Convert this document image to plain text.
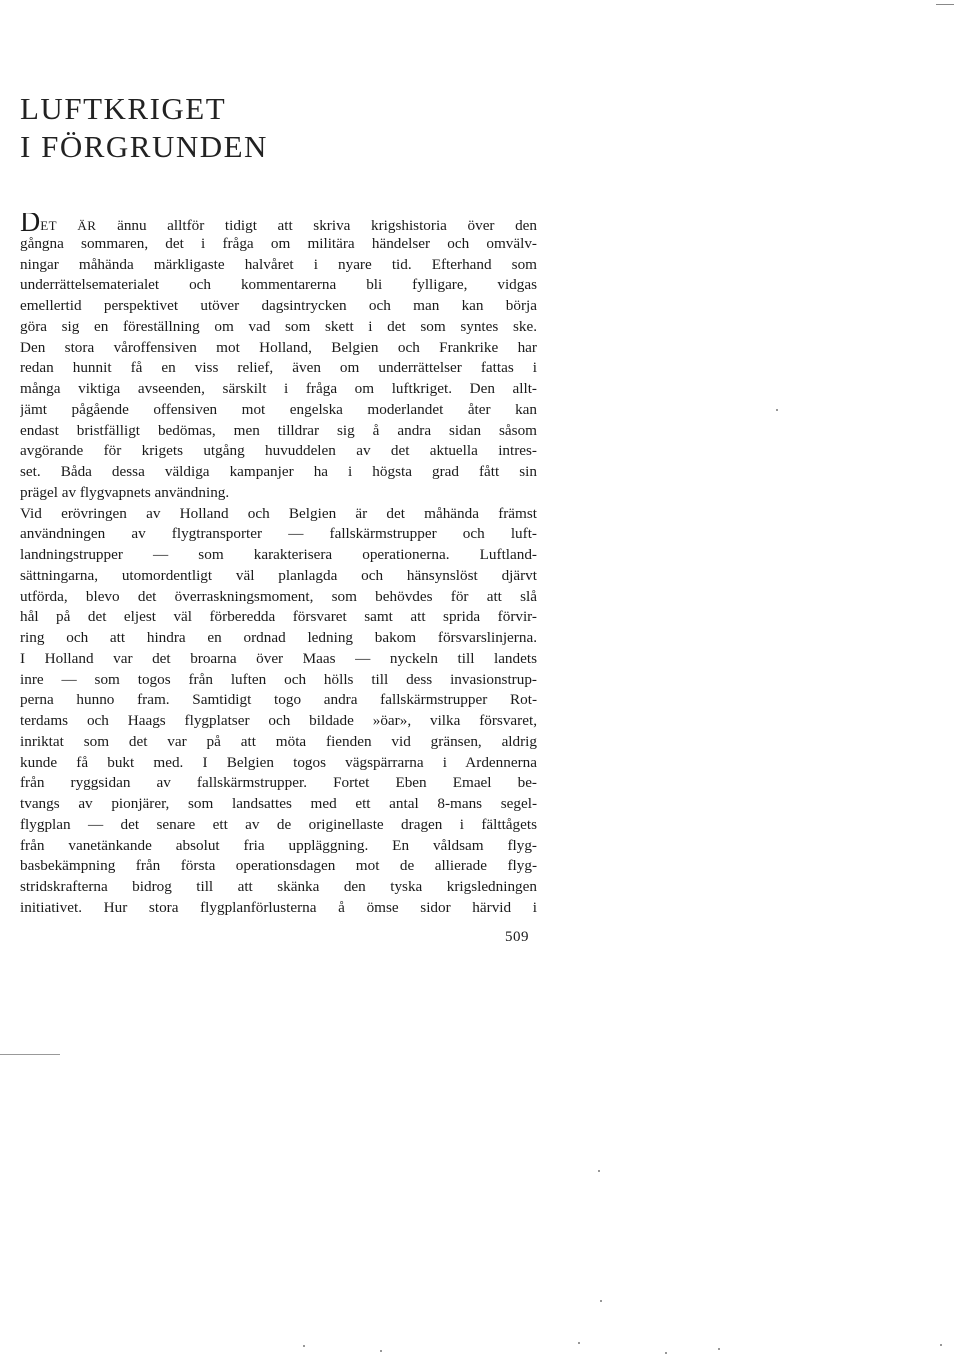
LUFTKRIGET
I FÖRGRUNDEN
DET ÄR ännu alltför tidigt att skriva krigshistoria över den
gångna sommaren, det i fråga om militära händelser och omvälv-
ningar måhända märkligaste halvåret i nyare tid. Efterhand som
underrättelsematerialet och kommentarerna bli fylligare, vidgas
emellertid perspektivet utöver dagsintrycken och man kan börja
göra sig en föreställning om vad som skett i det som syntes ske.
Den stora våroffensiven mot Holland, Belgien och Frankrike har
redan hunnit få en viss relief, även om underrättelser fattas i
många viktiga avseenden, särskilt i fråga om luftkriget. Den allt-
jämt pågående offensiven mot engelska moderlandet åter kan
endast bristfälligt bedömas, men tilldrar sig å andra sidan såsom
avgörande för krigets utgång huvuddelen av det aktuella intres-
set. Båda dessa väldiga kampanjer ha i högsta grad fått sin
prägel av flygvapnets användning.
Vid erövringen av Holland och Belgien är det måhända främst
användningen av flygtransporter — fallskärmstrupper och luft-
landningstrupper — som karakterisera operationerna. Luftland-
sättningarna, utomordentligt väl planlagda och hänsynslöst djärvt
utförda, blevo det överraskningsmoment, som behövdes för att slå
hål på det eljest väl förberedda försvaret samt att sprida förvir-
ring och att hindra en ordnad ledning bakom försvarslinjerna.
I Holland var det broarna över Maas — nyckeln till landets
inre — som togos från luften och hölls till dess invasionstrup-
perna hunno fram. Samtidigt togo andra fallskärmstrupper Rot-
terdams och Haags flygplatser och bildade »öar», vilka försvaret,
inriktat som det var på att möta fienden vid gränsen, aldrig
kunde få bukt med. I Belgien togos vägspärrarna i Ardennerna
från ryggsidan av fallskärmstrupper. Fortet Eben Emael be-
tvangs av pionjärer, som landsattes med ett antal 8-mans segel-
flygplan — det senare ett av de originellaste dragen i fälttågets
från vanetänkande absolut fria uppläggning. En våldsam flyg-
basbekämpning från första operationsdagen mot de allierade flyg-
stridskrafterna bidrog till att skänka den tyska krigsledningen
initiativet. Hur stora flygplanförlusterna å ömse sidor härvid i
509
